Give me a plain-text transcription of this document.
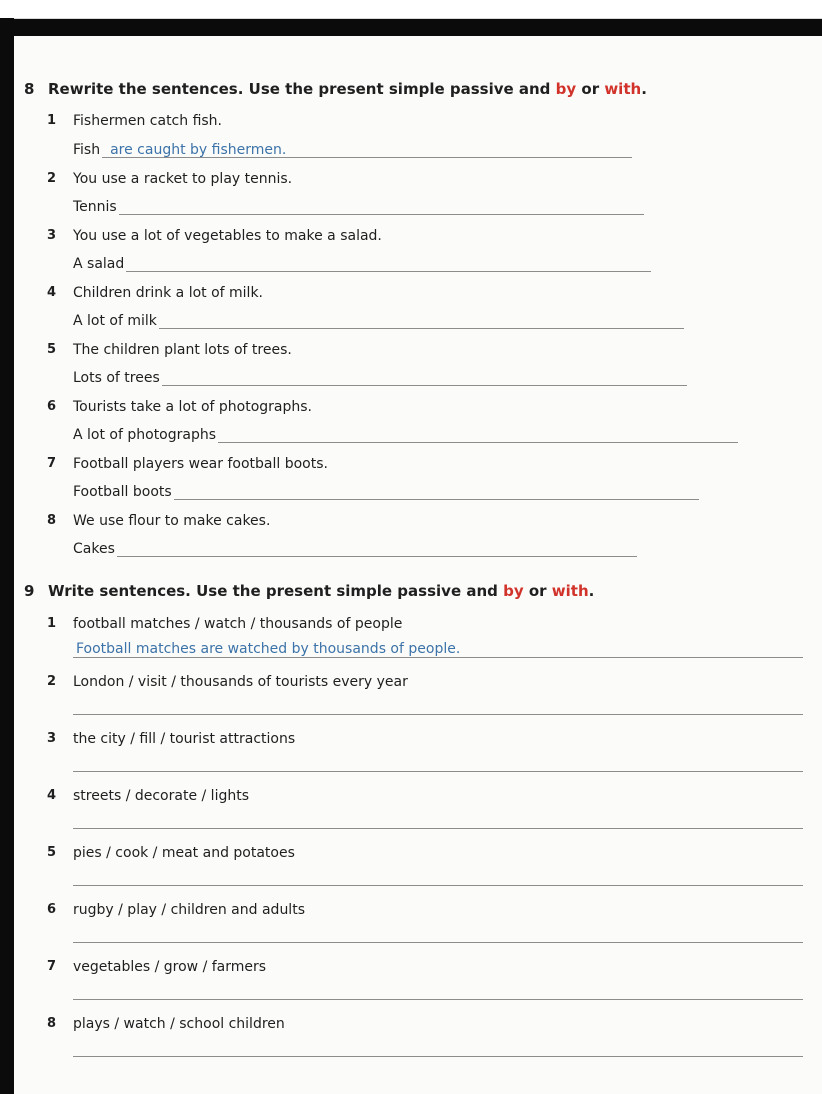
8 Rewrite the sentences. Use the present simple passive and by or with.
1 Fishermen catch fish.
Fish are caught by fishermen.
2 You use a racket to play tennis.
Tennis
3 You use a lot of vegetables to make a salad.
A salad
4 Children drink a lot of milk.
A lot of milk
5 The children plant lots of trees.
Lots of trees
6 Tourists take a lot of photographs.
A lot of photographs
7 Football players wear football boots.
Football boots
8 We use flour to make cakes.
Cakes
9 Write sentences. Use the present simple passive and by or with.
1 football matches / watch / thousands of people
Football matches are watched by thousands of people.
2 London / visit / thousands of tourists every year
3 the city / fill / tourist attractions
4 streets / decorate / lights
5 pies / cook / meat and potatoes
6 rugby / play / children and adults
7 vegetables / grow / farmers
8 plays / watch / school children
